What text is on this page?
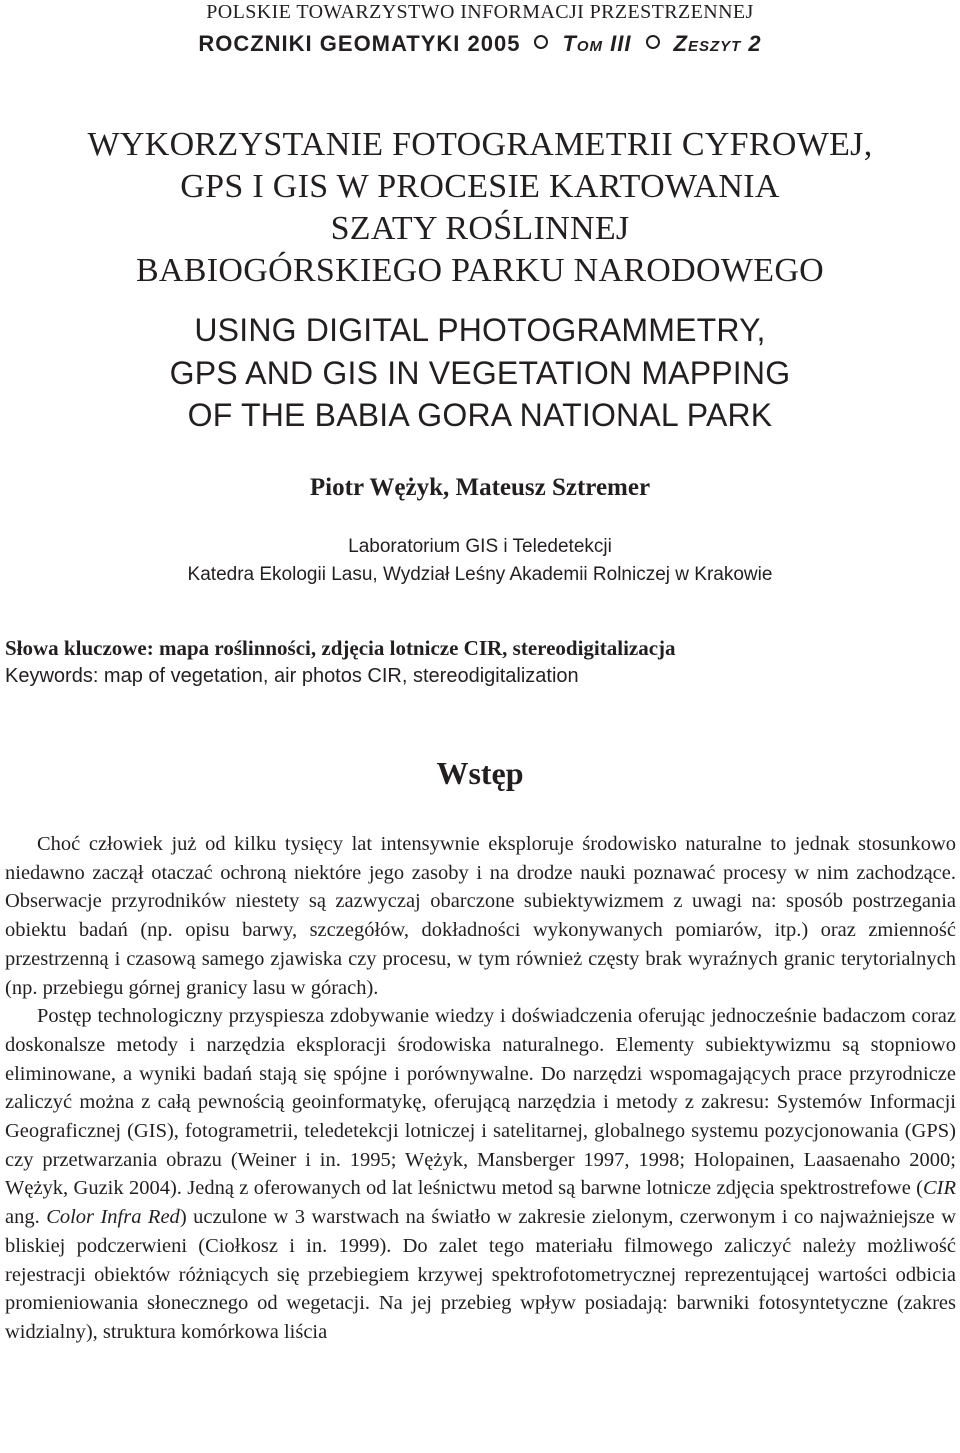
POLSKIE TOWARZYSTWO INFORMACJI PRZESTRZENNEJ
ROCZNIKI GEOMATYKI 2005 Tom III Zeszyt 2
WYKORZYSTANIE FOTOGRAMETRII CYFROWEJ,
GPS I GIS W PROCESIE KARTOWANIA
SZATY ROŚLINNEJ
BABIOGÓRSKIEGO PARKU NARODOWEGO
USING DIGITAL PHOTOGRAMMETRY,
GPS AND GIS IN VEGETATION MAPPING
OF THE BABIA GORA NATIONAL PARK
Piotr Wężyk, Mateusz Sztremer
Laboratorium GIS i Teledetekcji
Katedra Ekologii Lasu, Wydział Leśny Akademii Rolniczej w Krakowie
Słowa kluczowe: mapa roślinności, zdjęcia lotnicze CIR, stereodigitalizacja
Keywords: map of vegetation, air photos CIR, stereodigitalization
Wstęp

Choć człowiek już od kilku tysięcy lat intensywnie eksploruje środowisko naturalne to jednak stosunkowo niedawno zaczął otaczać ochroną niektóre jego zasoby i na drodze nauki poznawać procesy w nim zachodzące. Obserwacje przyrodników niestety są zazwyczaj obarczone subiektywizmem z uwagi na: sposób postrzegania obiektu badań (np. opisu barwy, szczegółów, dokładności wykonywanych pomiarów, itp.) oraz zmienność przestrzenną i czasową samego zjawiska czy procesu, w tym również częsty brak wyraźnych granic terytorialnych (np. przebiegu górnej granicy lasu w górach).

Postęp technologiczny przyspiesza zdobywanie wiedzy i doświadczenia oferując jednocześnie badaczom coraz doskonalsze metody i narzędzia eksploracji środowiska naturalnego. Elementy subiektywizmu są stopniowo eliminowane, a wyniki badań stają się spójne i porównywalne. Do narzędzi wspomagających prace przyrodnicze zaliczyć można z całą pewnością geoinformatykę, oferującą narzędzia i metody z zakresu: Systemów Informacji Geograficznej (GIS), fotogrametrii, teledetekcji lotniczej i satelitarnej, globalnego systemu pozycjonowania (GPS) czy przetwarzania obrazu (Weiner i in. 1995; Wężyk, Mansberger 1997, 1998; Holopainen, Laasaenaho 2000; Wężyk, Guzik 2004). Jedną z oferowanych od lat leśnictwu metod są barwne lotnicze zdjęcia spektrostrefowe (CIR ang. Color Infra Red) uczulone w 3 warstwach na światło w zakresie zielonym, czerwonym i co najważniejsze w bliskiej podczerwieni (Ciołkosz i in. 1999). Do zalet tego materiału filmowego zaliczyć należy możliwość rejestracji obiektów różniących się przebiegiem krzywej spektrofotometrycznej reprezentującej wartości odbicia promieniowania słonecznego od wegetacji. Na jej przebieg wpływ posiadają: barwniki fotosyntetyczne (zakres widzialny), struktura komórkowa liścia
